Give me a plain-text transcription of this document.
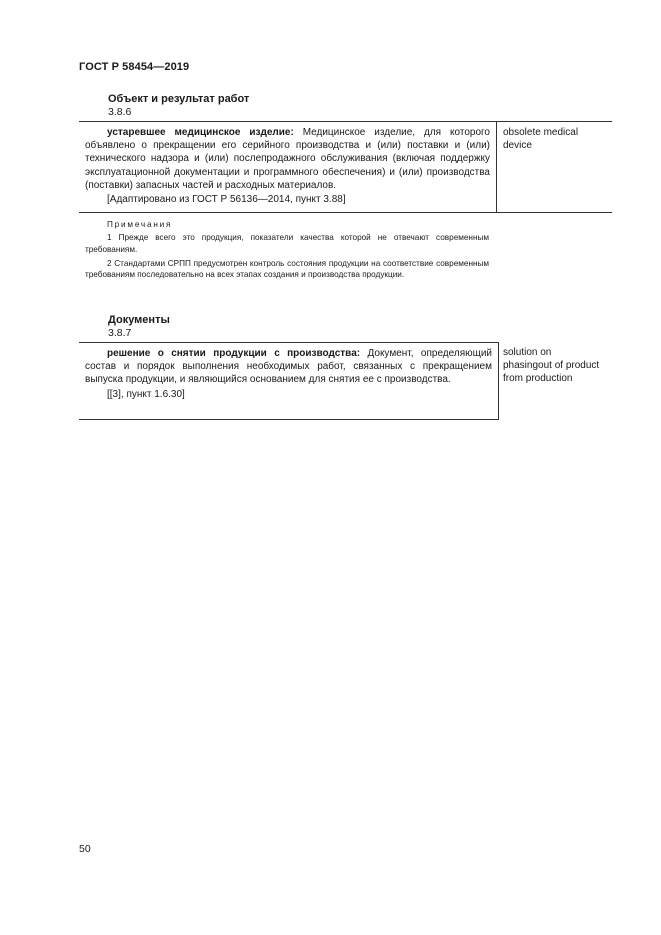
ГОСТ Р 58454—2019
Объект и результат работ
3.8.6
устаревшее медицинское изделие: Медицинское изделие, для которого объявлено о прекращении его серийного производства и (или) поставки и (или) технического надзора и (или) послепродажного обслуживания (включая поддержку эксплуатационной документации и программного обеспечения) и (или) производства (поставки) запасных частей и расходных материалов.
[Адаптировано из ГОСТ Р 56136—2014, пункт 3.88]
obsolete medical device
Примечания
1 Прежде всего это продукция, показатели качества которой не отвечают современным требованиям.
2 Стандартами СРПП предусмотрен контроль состояния продукции на соответствие современным требованиям последовательно на всех этапах создания и производства продукции.
Документы
3.8.7
решение о снятии продукции с производства: Документ, определяющий состав и порядок выполнения необходимых работ, связанных с прекращением выпуска продукции, и являющийся основанием для снятия ее с производства.
[[3], пункт 1.6.30]
solution on phasingout of product from production
50
